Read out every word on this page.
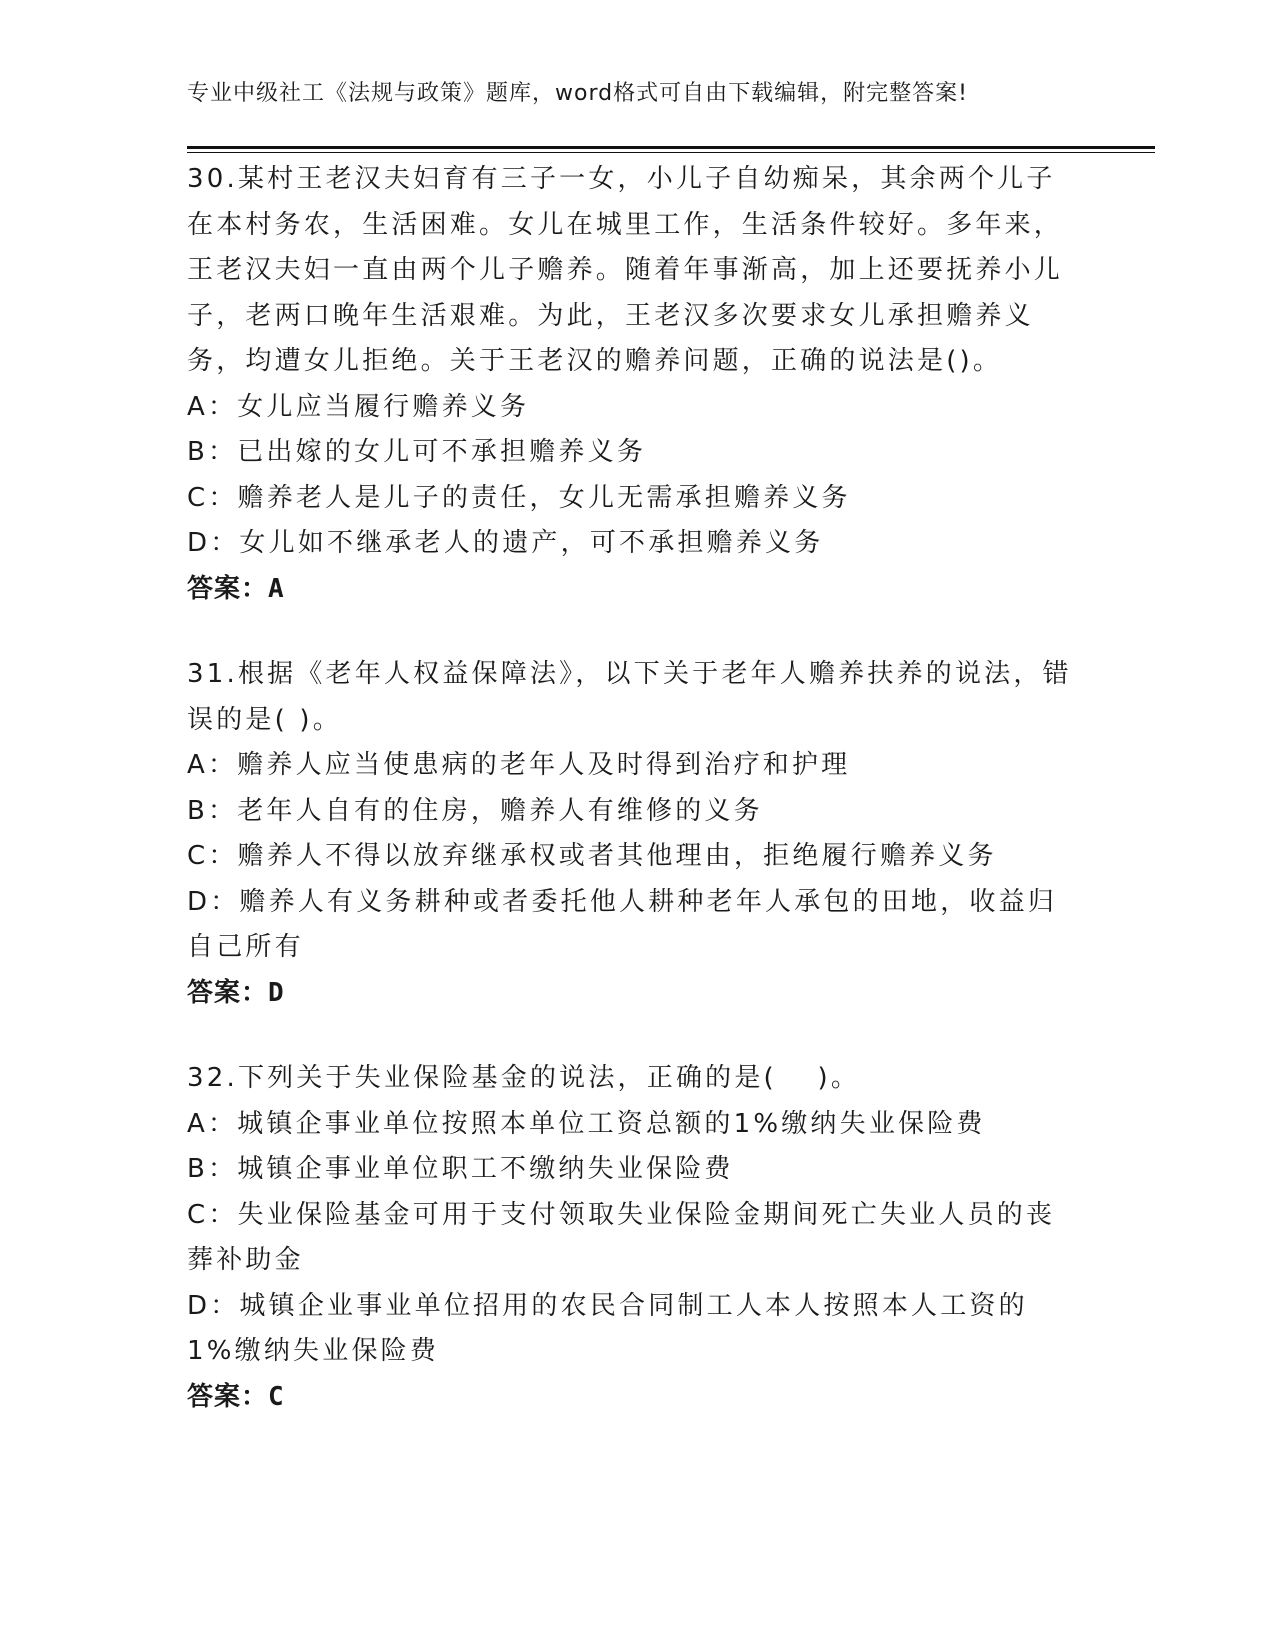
专业中级社工《法规与政策》题库，word格式可自由下载编辑，附完整答案!

30.某村王老汉夫妇育有三子一女，小儿子自幼痴呆，其余两个儿子在本村务农，生活困难。女儿在城里工作，生活条件较好。多年来，王老汉夫妇一直由两个儿子赡养。随着年事渐高，加上还要抚养小儿子，老两口晚年生活艰难。为此，王老汉多次要求女儿承担赡养义务，均遭女儿拒绝。关于王老汉的赡养问题，正确的说法是()。

A：女儿应当履行赡养义务

B：已出嫁的女儿可不承担赡养义务

C：赡养老人是儿子的责任，女儿无需承担赡养义务

D：女儿如不继承老人的遗产，可不承担赡养义务

答案：A

31.根据《老年人权益保障法》，以下关于老年人赡养扶养的说法，错误的是( )。

A：赡养人应当使患病的老年人及时得到治疗和护理

B：老年人自有的住房，赡养人有维修的义务

C：赡养人不得以放弃继承权或者其他理由，拒绝履行赡养义务

D：赡养人有义务耕种或者委托他人耕种老年人承包的田地，收益归自己所有

答案：D

32.下列关于失业保险基金的说法，正确的是(　 )。

A：城镇企事业单位按照本单位工资总额的1%缴纳失业保险费

B：城镇企事业单位职工不缴纳失业保险费

C：失业保险基金可用于支付领取失业保险金期间死亡失业人员的丧葬补助金

D：城镇企业事业单位招用的农民合同制工人本人按照本人工资的1%缴纳失业保险费

答案：C
